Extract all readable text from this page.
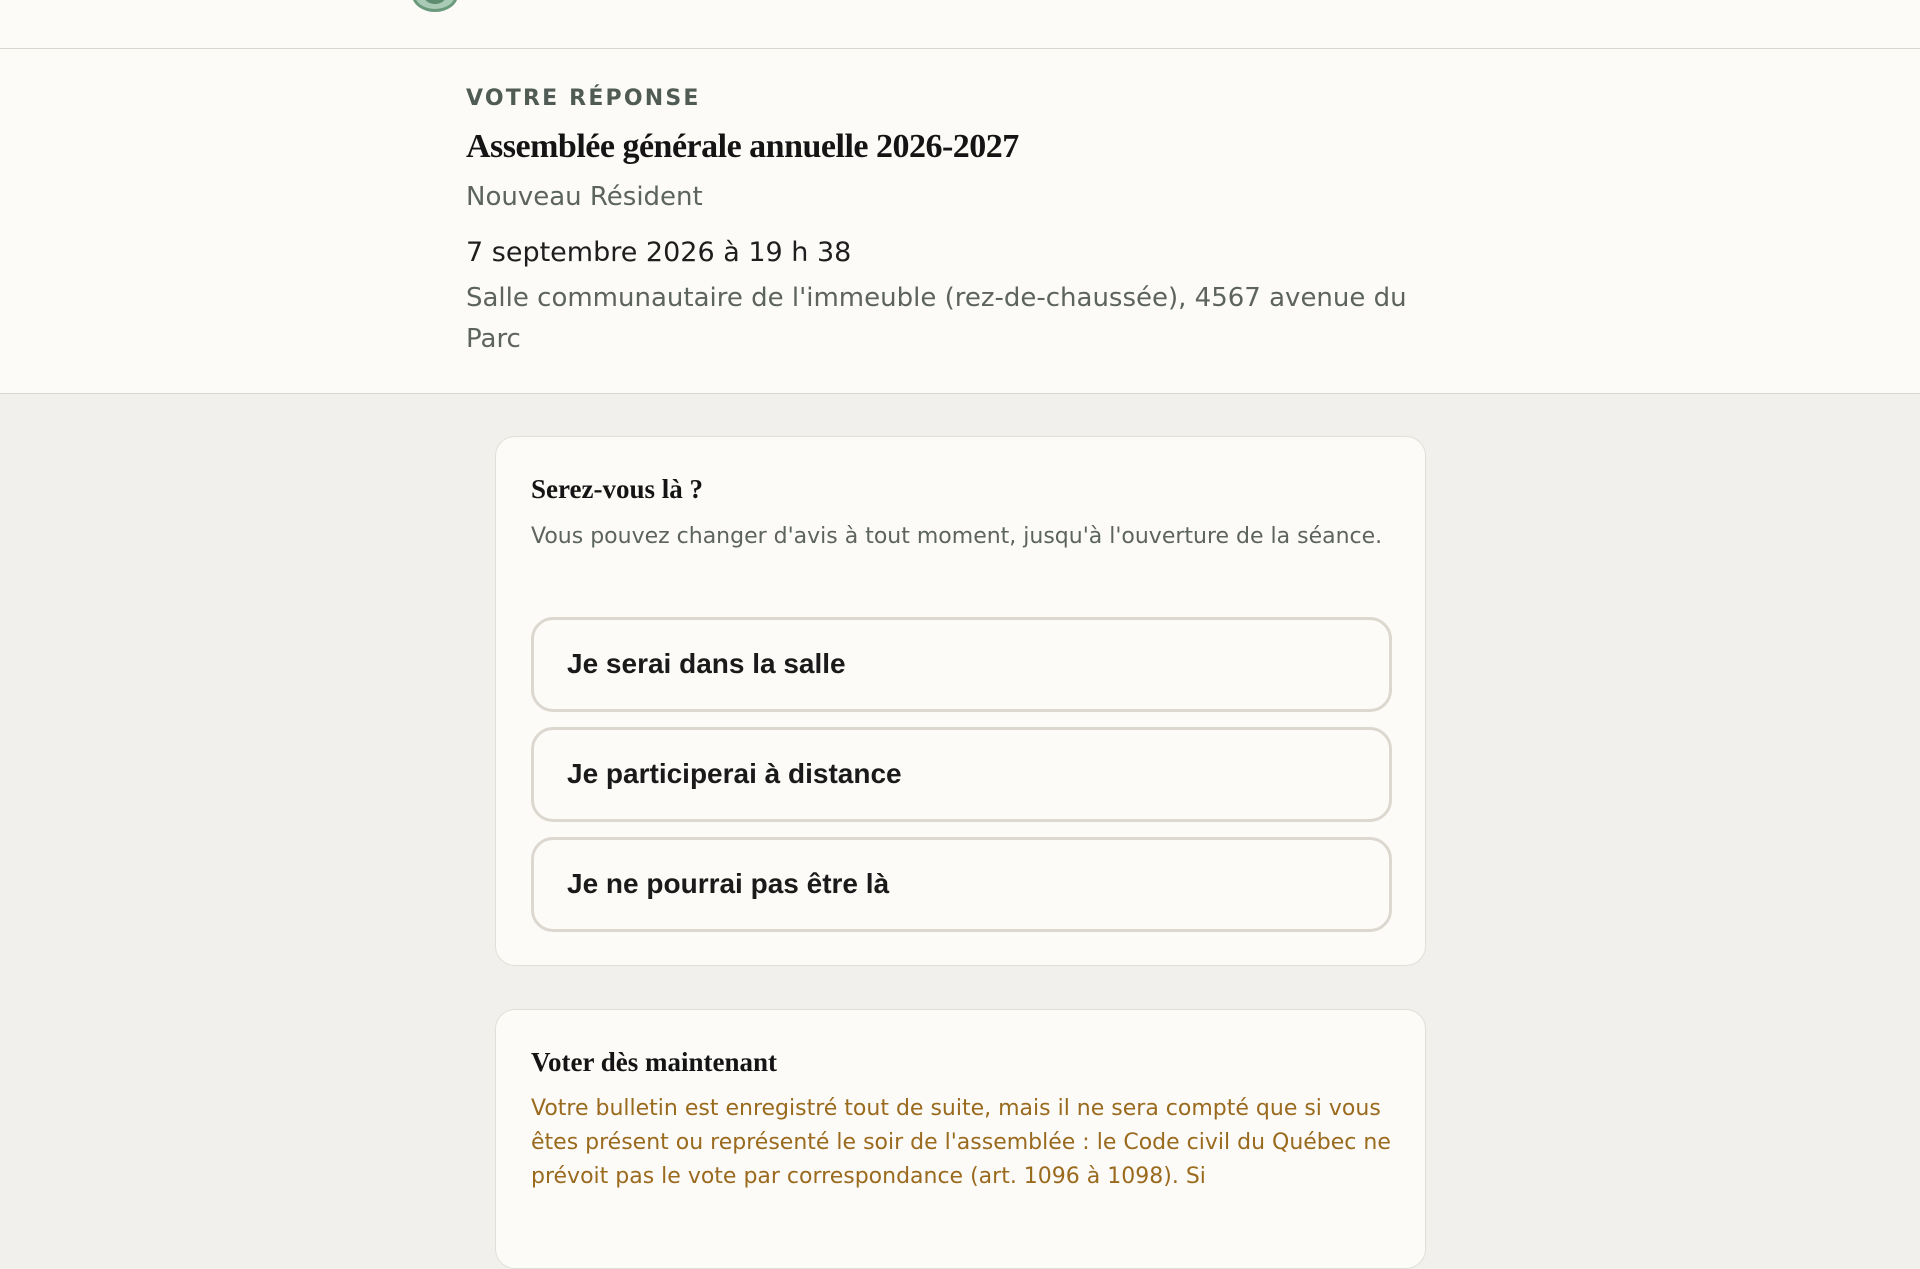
VOTRE RÉPONSE
Assemblée générale annuelle 2026-2027
Nouveau Résident
7 septembre 2026 à 19 h 38
Salle communautaire de l'immeuble (rez-de-chaussée), 4567 avenue du Parc
Serez-vous là ?

Vous pouvez changer d'avis à tout moment, jusqu'à l'ouverture de la séance.

Je serai dans la salle
Je participerai à distance
Je ne pourrai pas être là
Voter dès maintenant

Votre bulletin est enregistré tout de suite, mais il ne sera compté que si vous êtes présent ou représenté le soir de l'assemblée : le Code civil du Québec ne prévoit pas le vote par correspondance (art. 1096 à 1098). Si
